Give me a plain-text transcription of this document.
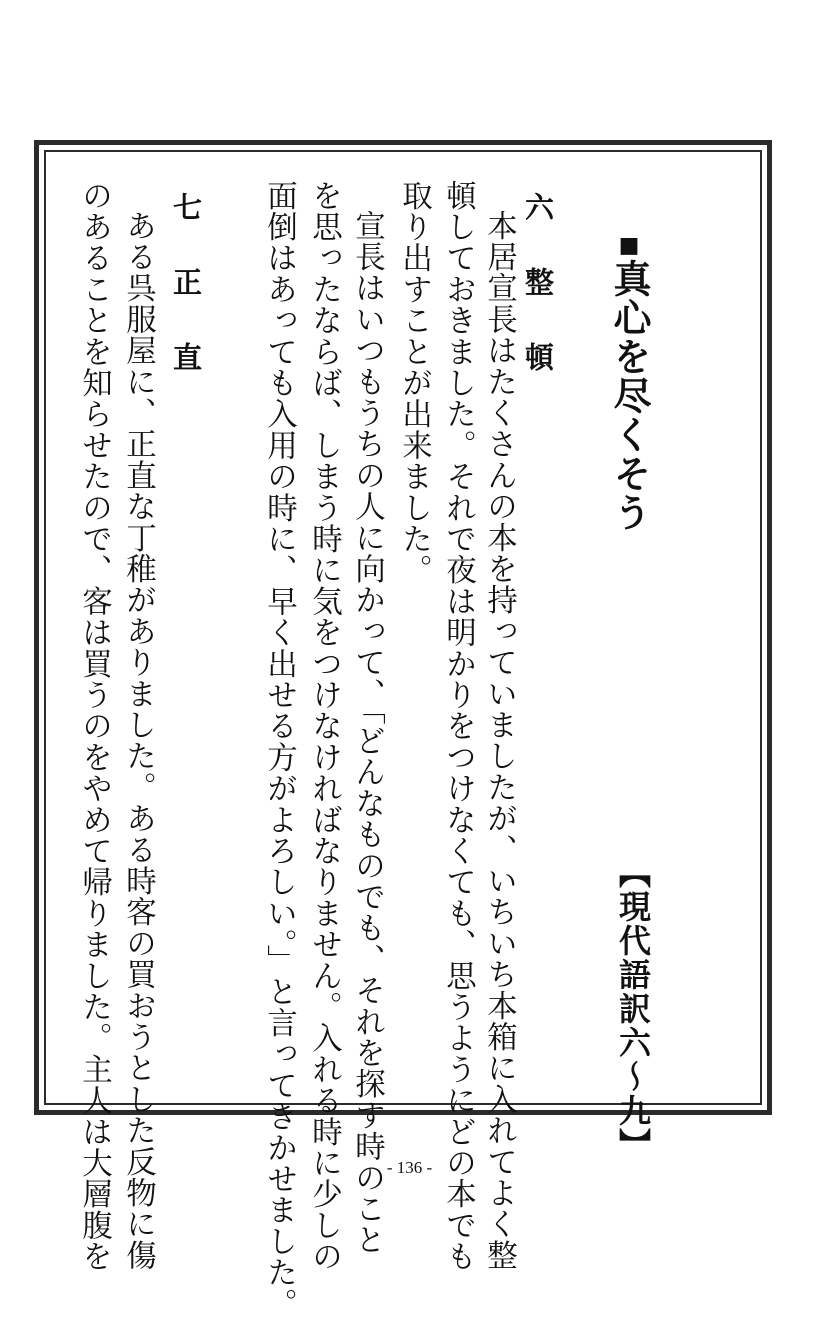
■真心を尽くそう
【現代語訳六〜九】
六 整 頓
本居宣長はたくさんの本を持っていましたが、いちいち本箱に入れてよく整
頓しておきました。それで夜は明かりをつけなくても、思うようにどの本でも
取り出すことが出来ました。
宣長はいつもうちの人に向かって、「どんなものでも、それを探す時のこと
を思ったならば、しまう時に気をつけなければなりません。入れる時に少しの
面倒はあっても入用の時に、早く出せる方がよろしい。」と言ってきかせました。
七 正 直
ある呉服屋に、正直な丁稚がありました。ある時客の買おうとした反物に傷
のあることを知らせたので、客は買うのをやめて帰りました。主人は大層腹を	- 136 -
